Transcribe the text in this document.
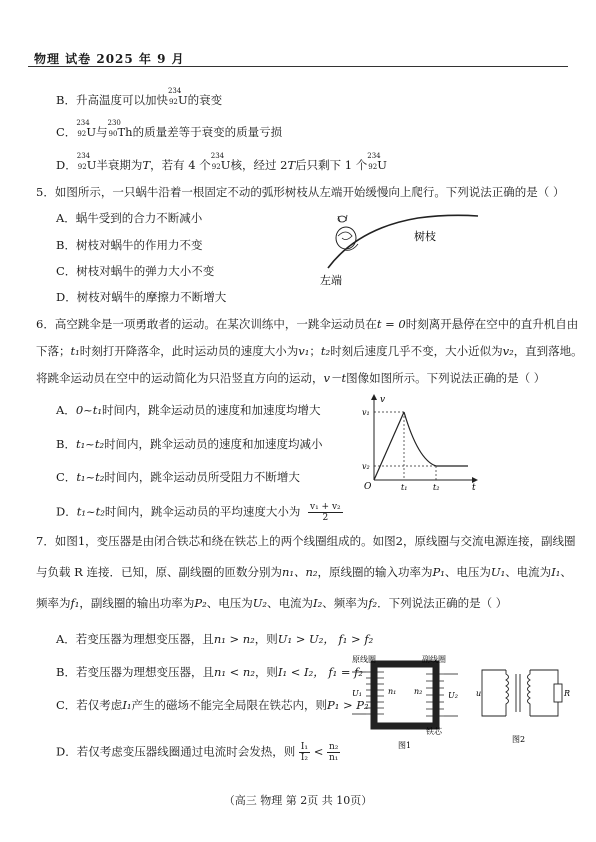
物理 试卷 2025 年 9 月
B．升高温度可以加快
234
92 U的衰变
C．
234
92 U与
230
90 Th的质量差等于衰变的质量亏损
D．
234
92 U半衰期为T，若有 4 个
234
92 U核，经过 2T后只剩下 1 个
234
92 U
5．如图所示，一只蜗牛沿着一根固定不动的弧形树枝从左端开始缓慢向上爬行。下列说法正确的是（ ）
A．蜗牛受到的合力不断减小
B．树枝对蜗牛的作用力不变
C．树枝对蜗牛的弹力大小不变
D．树枝对蜗牛的摩擦力不断增大
树枝
左端
6．高空跳伞是一项勇敢者的运动。在某次训练中，一跳伞运动员在t = 0时刻离开悬停在空中的直升机自由
下落；t₁时刻打开降落伞，此时运动员的速度大小为v₁；t₂时刻后速度几乎不变，大小近似为v₂，直到落地。
将跳伞运动员在空中的运动简化为只沿竖直方向的运动，v－t图像如图所示。下列说法正确的是（ ）
A．0~t₁时间内，跳伞运动员的速度和加速度均增大
B．t₁~t₂时间内，跳伞运动员的速度和加速度均减小
C．t₁~t₂时间内，跳伞运动员所受阻力不断增大
D．t₁~t₂时间内，跳伞运动员的平均速度大小为 $\frac{\text{v₁ + v₂}}{2}$
v
t
O
v₁
v₂
t₁	t₂
7．如图1，变压器是由闭合铁芯和绕在铁芯上的两个线圈组成的。如图2，原线圈与交流电源连接，副线圈
与负载 R 连接．已知，原、副线圈的匝数分别为n₁、n₂，原线圈的输入功率为P₁、电压为U₁、电流为I₁、
频率为f₁，副线圈的输出功率为P₂、电压为U₂、电流为I₂、频率为f₂．下列说法正确的是（ ）
A．若变压器为理想变压器，且n₁ > n₂，则U₁ > U₂， f₁ > f₂
B．若变压器为理想变压器，且n₁ < n₂，则I₁ < I₂， f₁ = f₂
C．若仅考虑I₁产生的磁场不能完全局限在铁芯内，则P₁ > P₂
D．若仅考虑变压器线圈通过电流时会发热，则 $\frac{\text{I₁}}{\text{I₂}} < \frac{\text{n₂}}{\text{n₁}}$
原线圈	副线圈
铁芯
U₁	U₂
n₁ n₂
图1
u	R
图2
（高三 物理 第 2页 共 10页）
